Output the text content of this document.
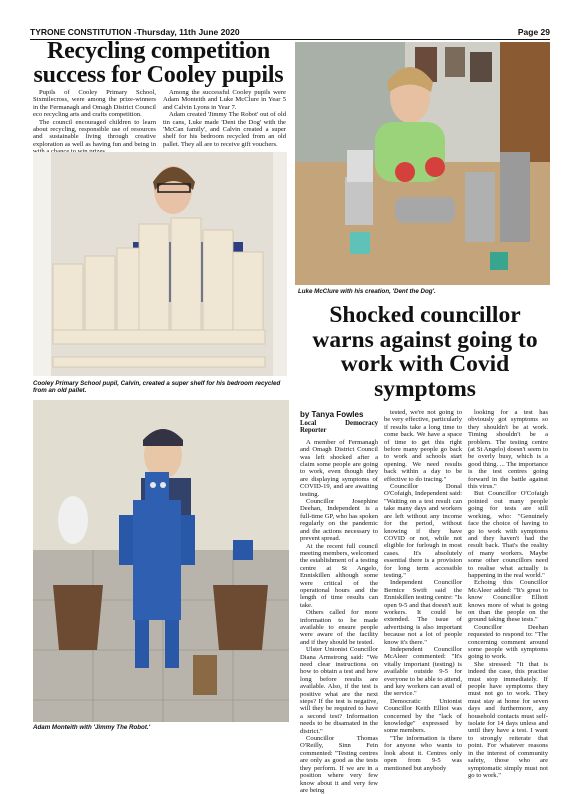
TYRONE CONSTITUTION -Thursday, 11th June 2020	Page 29
Recycling competition success for Cooley pupils

Pupils of Cooley Primary School, Sixmilecross, were among the prize-winners in the Fermanagh and Omagh District Council eco recycling arts and crafts competition.

The council encouraged children to learn about recycling, responsible use of resources and sustainable living through creative exploration as well as having fun and being in

Among the successful Cooley pupils were Adam Monteith and Luke McClure in Year 5 and Calvin Lyons in Year 7.

Adam created 'Jimmy The Robot' out of old tin cans, Luke made 'Dent the Dog' with the 'McCan family', and Calvin created a super shelf for his bedroom recycled from an old pallet. They all are to receive gift vouchers.

Luke McClure with his creation, 'Dent the Dog'.
Cooley Primary School pupil, Calvin, created a super shelf for his bedroom recycled from an old pallet.
Adam Monteith with 'Jimmy The Robot.'
Shocked councillor warns against going to work with Covid symptoms

by Tanya Fowles

Local Democracy Reporter

A member of Fermanagh and Omagh District Council was left shocked after a claim some people are going to work, even though they are displaying symptoms of COVID-19, and are awaiting testing.

Councillor Josephine Deehan, Independent is a full-time GP, who has spoken regularly on the pandemic and the actions necessary to prevent spread.

At the recent full council meeting members, welcomed the establishment of a testing centre at St Angelo, Enniskillen although some were critical of the operational hours and the length of time results can take.

Others called for more information to be made available to ensure people were aware of the facility and if they should be tested.

Ulster Unionist Councillor Diana Armstrong said: "We need clear instructions on how to obtain a test and how long before results are available. Also, if the test is positive what are the next steps? If the test is negative, will they be required to have a second test? Information needs to be disamated in the district."

Councillor Thomas O'Reilly, Sinn Fein commented: "Testing centres are only as good as the tests they perform. If we are in a position where very few know about it and very few are being

tested, we're not going to be very effective, particularly if results take a long time to come back. We have a space of time to get this right before many people go back to work and schools start opening. We need results back within a day to be effective to do tracing."

Councillor Donal O'Cofaigh, Independent said: "Waiting on a test result can take many days and workers are left without any income for the period, without knowing if they have COVID or not, while not eligible for furlough in most cases. It's absolutely essential there is a provision for long term accessible testing."

Independent Councillor Bernice Swift said the Enniskillen testing centre: "Is open 9-5 and that doesn't suit workers. It could be extended. The issue of advertising is also important because not a lot of people know it's there."

Independent Councillor McAleer commented: "It's vitally important (testing) is available outside 9-5 for everyone to be able to attend, and key workers can avail of the service."

Democratic Unionist Councillor Keith Elliot was concerned by the "lack of knowledge" expressed by some members.

"The information is there for anyone who wants to look about it. Centres only open from 9-5 was mentioned but anybody

looking for a test has obviously got symptoms so they shouldn't be at work. Timing shouldn't be a problem. The testing centre (at St Angelo) doesn't seem to be overly busy, which is a good thing. ... The importance is the test centres going forward in the battle against this virus."

But Councillor O'Cofaigh pointed out many people going for tests are still working, who: "Genuinely face the choice of having to go to work with symptoms and they haven't had the result back. That's the reality of many workers. Maybe some other councillors need to realise what actually is happening in the real world."

Echoing this Councillor McAleer added: "It's great to know Councillor Elliott knows more of what is going on than the people on the ground taking these tests."

Councillor Deehan requested to respond to: "The concerning comment around some people with symptoms going to work.

She stressed: "It that is indeed the case, this practise must stop immediately. If people have symptoms they must not go to work. They must stay at home for seven days and furthermore, any household contacts must self-isolate for 14 days unless and until they have a test. I want to strongly reiterate that point. For whatever reasons in the interest of community safety, those who are symptomatic simply must not go to work."
